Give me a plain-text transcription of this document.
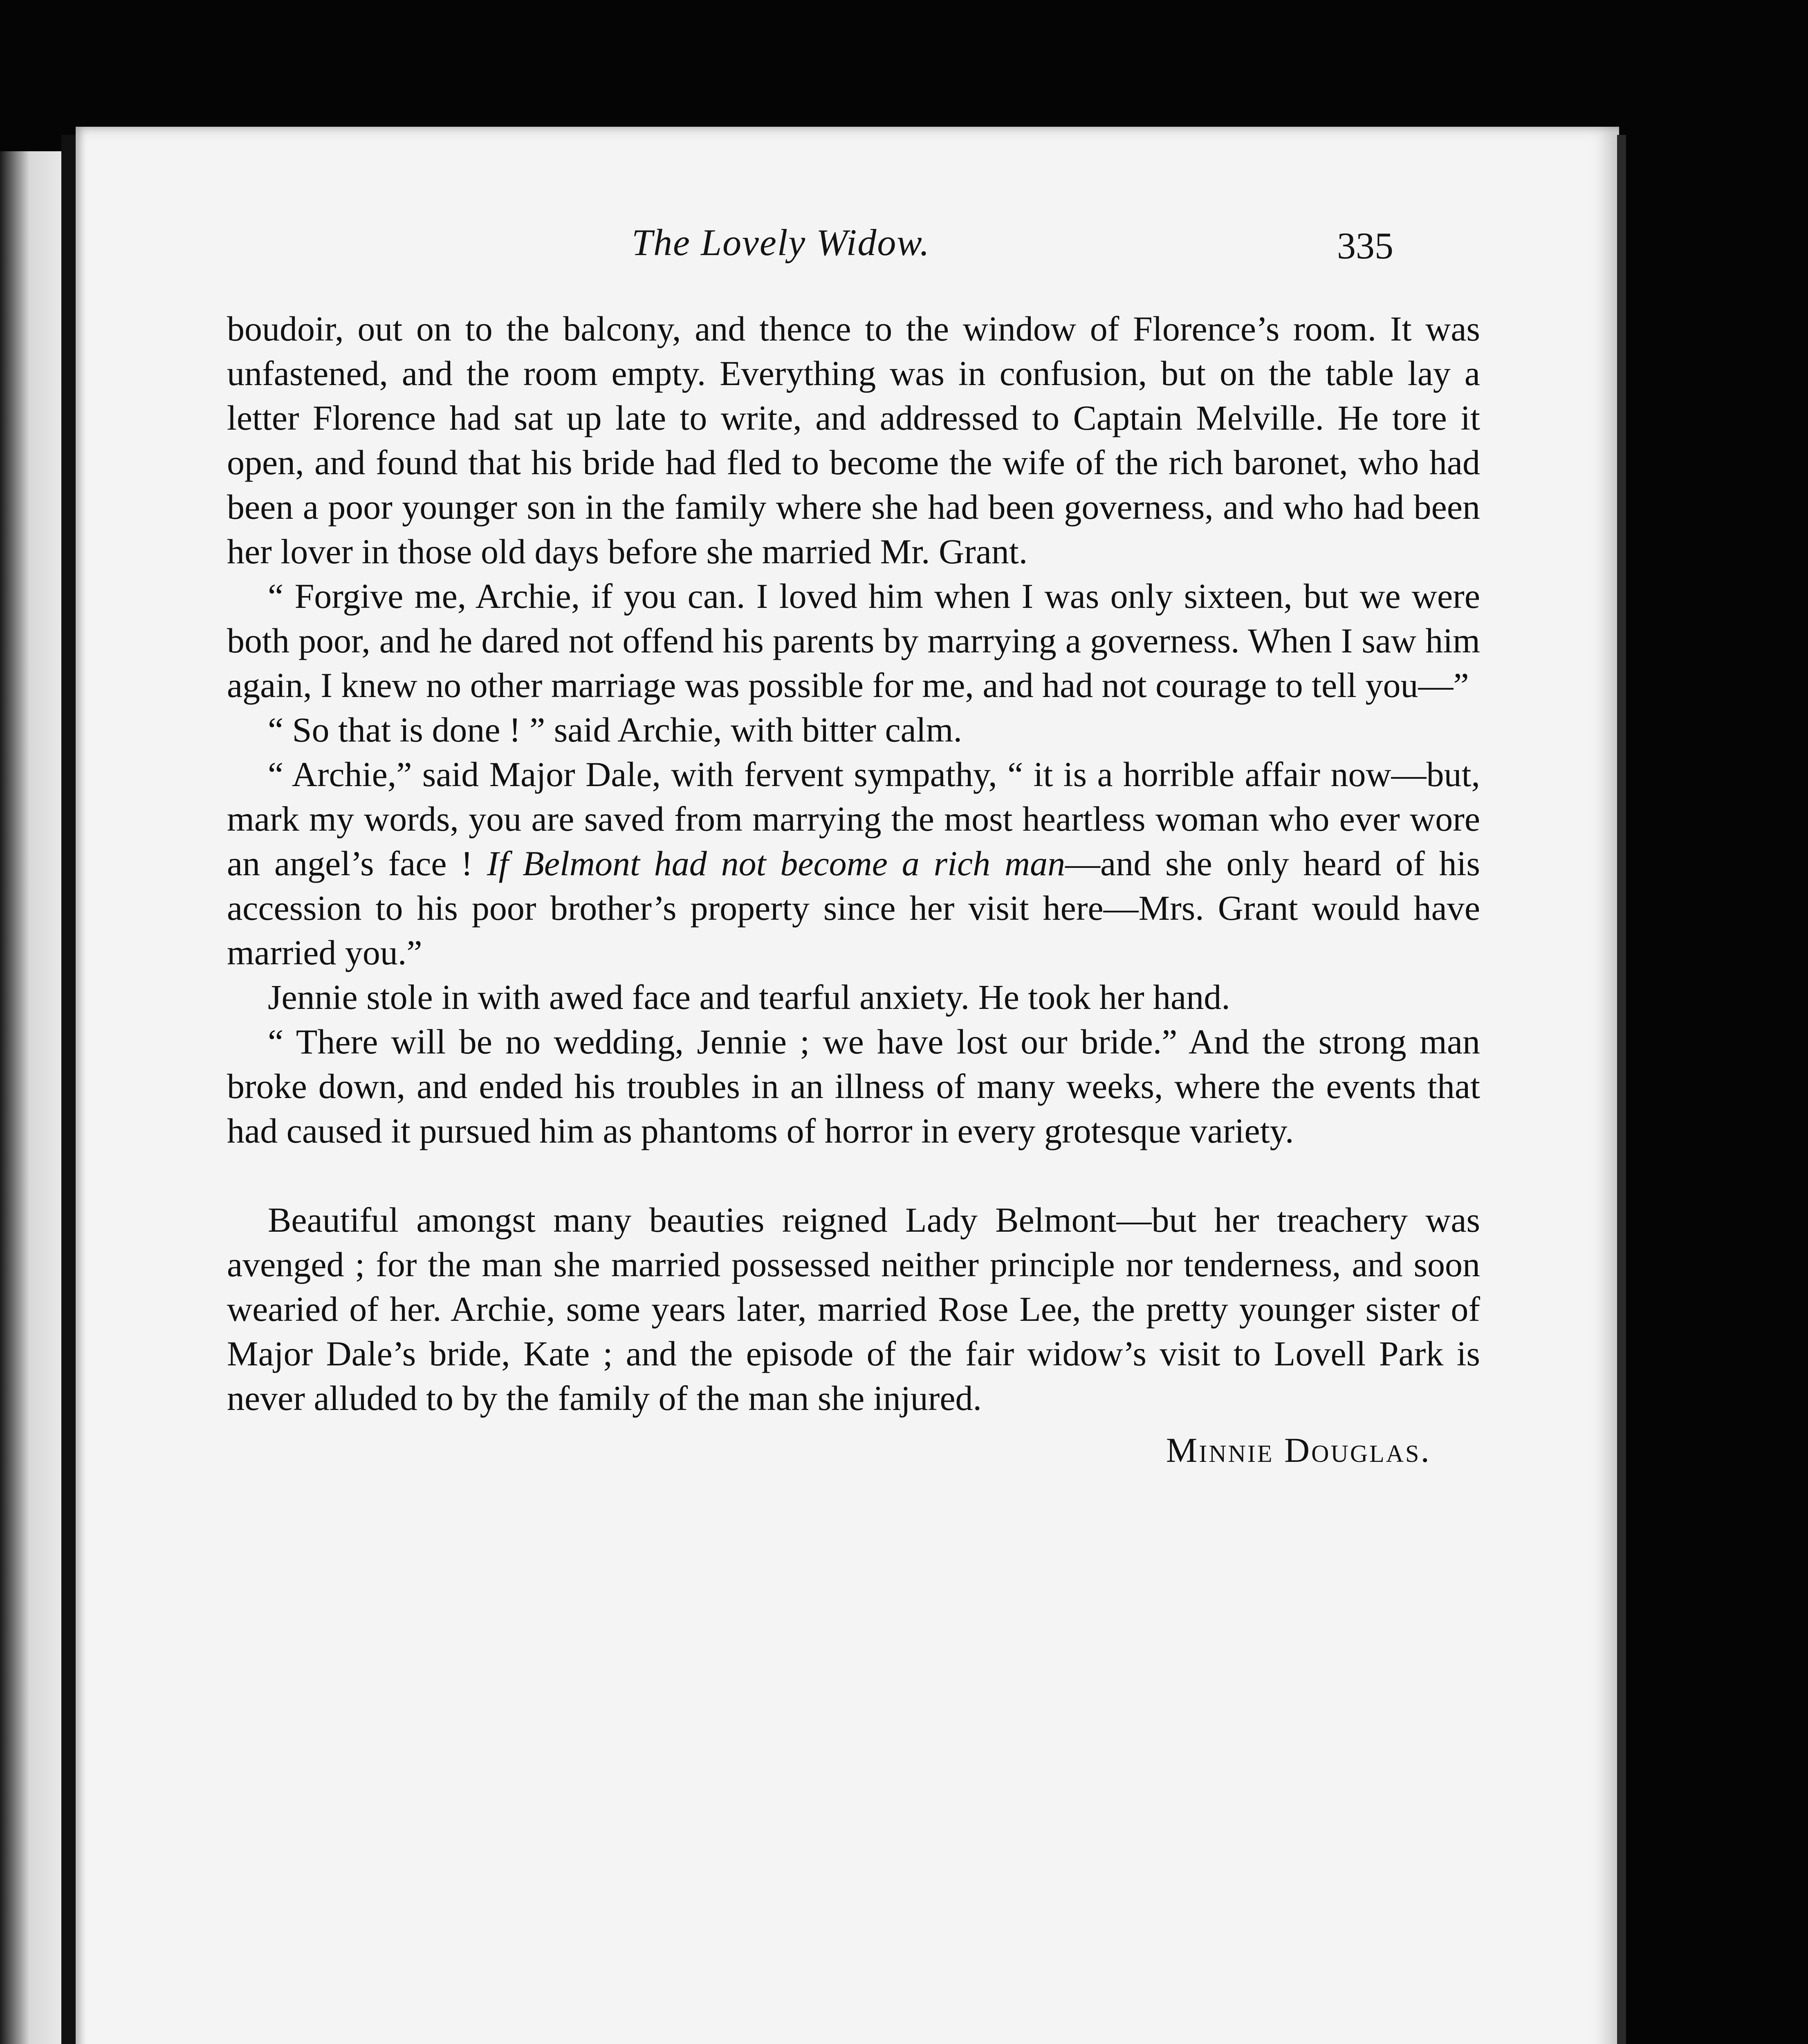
The Lovely Widow.	335

boudoir, out on to the balcony, and thence to the window of Florence’s room. It was unfastened, and the room empty. Everything was in confusion, but on the table lay a letter Florence had sat up late to write, and addressed to Captain Melville. He tore it open, and found that his bride had fled to become the wife of the rich baronet, who had been a poor younger son in the family where she had been governess, and who had been her lover in those old days before she married Mr. Grant.

“ Forgive me, Archie, if you can. I loved him when I was only sixteen, but we were both poor, and he dared not offend his parents by marrying a governess. When I saw him again, I knew no other marriage was possible for me, and had not courage to tell you—”

“ So that is done ! ” said Archie, with bitter calm.

“ Archie,” said Major Dale, with fervent sympathy, “ it is a horrible affair now—but, mark my words, you are saved from marrying the most heartless woman who ever wore an angel’s face ! If Belmont had not become a rich man—and she only heard of his accession to his poor brother’s property since her visit here—Mrs. Grant would have married you.”

Jennie stole in with awed face and tearful anxiety. He took her hand.

“ There will be no wedding, Jennie ; we have lost our bride.” And the strong man broke down, and ended his troubles in an illness of many weeks, where the events that had caused it pursued him as phantoms of horror in every grotesque variety.

Beautiful amongst many beauties reigned Lady Belmont—but her treachery was avenged ; for the man she married possessed neither principle nor tenderness, and soon wearied of her. Archie, some years later, married Rose Lee, the pretty younger sister of Major Dale’s bride, Kate ; and the episode of the fair widow’s visit to Lovell Park is never alluded to by the family of the man she injured.

Minnie Douglas.
